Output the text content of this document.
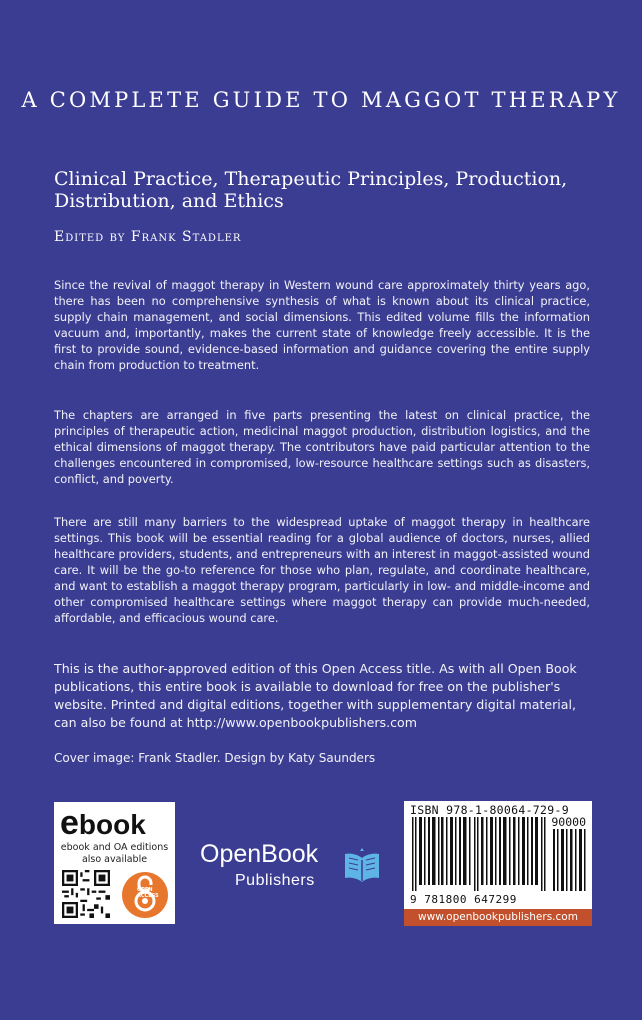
A COMPLETE GUIDE TO MAGGOT THERAPY
Clinical Practice, Therapeutic Principles, Production,
Distribution, and Ethics
Edited by Frank Stadler
Since the revival of maggot therapy in Western wound care approximately thirty years ago, there has been no comprehensive synthesis of what is known about its clinical practice, supply chain management, and social dimensions. This edited volume fills the information vacuum and, importantly, makes the current state of knowledge freely accessible. It is the first to provide sound, evidence-based information and guidance covering the entire supply chain from production to treatment.
The chapters are arranged in five parts presenting the latest on clinical practice, the principles of therapeutic action, medicinal maggot production, distribution logistics, and the ethical dimensions of maggot therapy. The contributors have paid particular attention to the challenges encountered in compromised, low-resource healthcare settings such as disasters, conflict, and poverty.
There are still many barriers to the widespread uptake of maggot therapy in healthcare settings. This book will be essential reading for a global audience of doctors, nurses, allied healthcare providers, students, and entrepreneurs with an interest in maggot-assisted wound care. It will be the go-to reference for those who plan, regulate, and coordinate healthcare, and want to establish a maggot therapy program, particularly in low- and middle-income and other compromised healthcare settings where maggot therapy can provide much-needed, affordable, and efficacious wound care.
This is the author-approved edition of this Open Access title. As with all Open Book publications, this entire book is available to download for free on the publisher's website. Printed and digital editions, together with supplementary digital material, can also be found at http://www.openbookpublishers.com
Cover image: Frank Stadler. Design by Katy Saunders
ebook
ebook and OA editions
also available
OPEN
ACCESS
OpenBook
Publishers
ISBN 978-1-80064-729-9
90000
9 781800 647299
www.openbookpublishers.com
